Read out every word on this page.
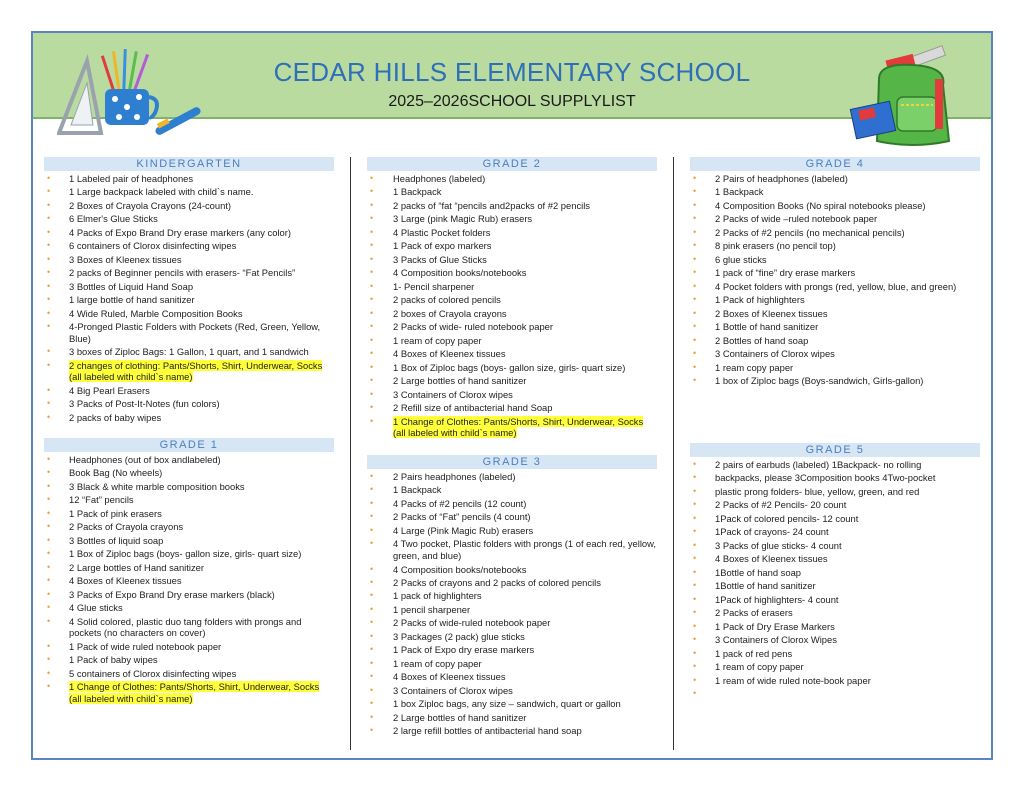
CEDAR HILLS ELEMENTARY SCHOOL
2025–2026SCHOOL SUPPLYLIST
KINDERGARTEN
• 1 Labeled pair of headphones
• 1 Large backpack labeled with child`s name.
• 2 Boxes of Crayola Crayons (24-count)
• 6 Elmer's Glue Sticks
• 4 Packs of Expo Brand Dry erase markers (any color)
• 6 containers of Clorox disinfecting wipes
• 3 Boxes of Kleenex tissues
• 2 packs of Beginner pencils with erasers- “Fat Pencils”
• 3 Bottles of Liquid Hand Soap
• 1 large bottle of hand sanitizer
• 4 Wide Ruled, Marble Composition Books
• 4-Pronged Plastic Folders with Pockets (Red, Green, Yellow, Blue)
• 3 boxes of Ziploc Bags: 1 Gallon, 1 quart, and 1 sandwich
• 2 changes of clothing: Pants/Shorts, Shirt, Underwear, Socks (all labeled with child`s name)
• 4 Big Pearl Erasers
• 3 Packs of Post-It-Notes (fun colors)
• 2 packs of baby wipes
GRADE 1
• Headphones (out of box andlabeled)
• Book Bag (No wheels)
• 3 Black & white marble composition books
• 12 “Fat” pencils
• 1 Pack of pink erasers
• 2 Packs of Crayola crayons
• 3 Bottles of liquid soap
• 1 Box of Ziploc bags (boys- gallon size, girls- quart size)
• 2 Large bottles of Hand sanitizer
• 4 Boxes of Kleenex tissues
• 3 Packs of Expo Brand Dry erase markers (black)
• 4 Glue sticks
• 4 Solid colored, plastic duo tang folders with prongs and pockets (no characters on cover)
• 1 Pack of wide ruled notebook paper
• 1 Pack of baby wipes
• 5 containers of Clorox disinfecting wipes
• 1 Change of Clothes: Pants/Shorts, Shirt, Underwear, Socks (all labeled with child`s name)
GRADE 2
• Headphones (labeled)
• 1 Backpack
• 2 packs of “fat “pencils and2packs of #2 pencils
• 3 Large (pink Magic Rub) erasers
• 4 Plastic Pocket folders
• 1 Pack of expo markers
• 3 Packs of Glue Sticks
• 4 Composition books/notebooks
• 1- Pencil sharpener
• 2 packs of colored pencils
• 2 boxes of Crayola crayons
• 2 Packs of wide- ruled notebook paper
• 1 ream of copy paper
• 4 Boxes of Kleenex tissues
• 1 Box of Ziploc bags (boys- gallon size, girls- quart size)
• 2 Large bottles of hand sanitizer
• 3 Containers of Clorox wipes
• 2 Refill size of antibacterial hand Soap
• 1 Change of Clothes: Pants/Shorts, Shirt, Underwear, Socks (all labeled with child`s name)
GRADE 3
• 2 Pairs headphones (labeled)
• 1 Backpack
• 4 Packs of #2 pencils (12 count)
• 2 Packs of “Fat” pencils (4 count)
• 4 Large (Pink Magic Rub) erasers
• 4 Two pocket, Plastic folders with prongs (1 of each red, yellow, green, and blue)
• 4 Composition books/notebooks
• 2 Packs of crayons and 2 packs of colored pencils
• 1 pack of highlighters
• 1 pencil sharpener
• 2 Packs of wide-ruled notebook paper
• 3 Packages (2 pack) glue sticks
• 1 Pack of Expo dry erase markers
• 1 ream of copy paper
• 4 Boxes of Kleenex tissues
• 3 Containers of Clorox wipes
• 1 box Ziploc bags, any size – sandwich, quart or gallon
• 2 Large bottles of hand sanitizer
• 2 large refill bottles of antibacterial hand soap
GRADE 4
• 2 Pairs of headphones (labeled)
• 1 Backpack
• 4 Composition Books (No spiral notebooks please)
• 2 Packs of wide –ruled notebook paper
• 2 Packs of #2 pencils (no mechanical pencils)
• 8 pink erasers (no pencil top)
• 6 glue sticks
• 1 pack of “fine” dry erase markers
• 4 Pocket folders with prongs (red, yellow, blue, and green)
• 1 Pack of highlighters
• 2 Boxes of Kleenex tissues
• 1 Bottle of hand sanitizer
• 2 Bottles of hand soap
• 3 Containers of Clorox wipes
• 1 ream copy paper
• 1 box of Ziploc bags (Boys-sandwich, Girls-gallon)
GRADE 5
• 2 pairs of earbuds (labeled) 1Backpack- no rolling
• backpacks, please 3Composition books 4Two-pocket
• plastic prong folders- blue, yellow, green, and red
• 2 Packs of #2 Pencils- 20 count
• 1Pack of colored pencils- 12 count
• 1Pack of crayons- 24 count
• 3 Packs of glue sticks- 4 count
• 4 Boxes of Kleenex tissues
• 1Bottle of hand soap
• 1Bottle of hand sanitizer
• 1Pack of highlighters- 4 count
• 2 Packs of erasers
• 1 Pack of Dry Erase Markers
• 3 Containers of Clorox Wipes
• 1 pack of red pens
• 1 ream of copy paper
• 1 ream of wide ruled note-book paper
